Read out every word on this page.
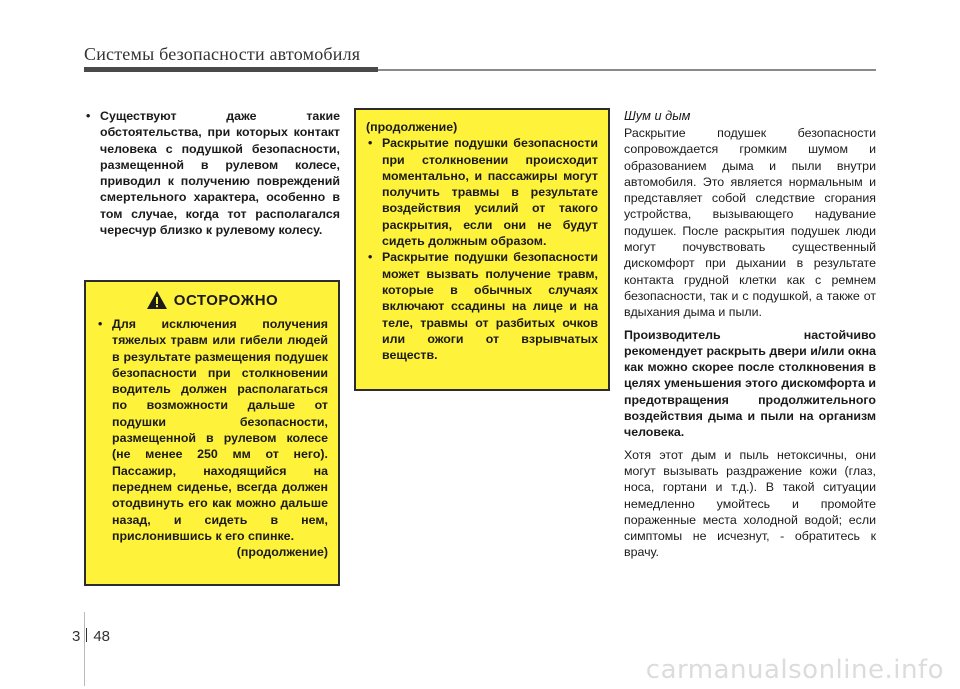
Системы безопасности автомобиля
• Существуют даже такие обстоятельства, при которых контакт человека с подушкой безопасности, размещенной в рулевом колесе, приводил к получению повреждений смертельного характера, особенно в том случае, когда тот располагался чересчур близко к рулевому колесу.
ОСТОРОЖНО
• Для исключения получения тяжелых травм или гибели людей в результате размещения подушек безопасности при столкновении водитель должен располагаться по возможности дальше от подушки безопасности, размещенной в рулевом колесе (не менее 250 мм от него). Пассажир, находящийся на переднем сиденье, всегда должен отодвинуть его как можно дальше назад, и сидеть в нем, прислонившись к его спинке.
(продолжение)
(продолжение)
• Раскрытие подушки безопасности при столкновении происходит моментально, и пассажиры могут получить травмы в результате воздействия усилий от такого раскрытия, если они не будут сидеть должным образом.
• Раскрытие подушки безопасности может вызвать получение травм, которые в обычных случаях включают ссадины на лице и на теле, травмы от разбитых очков или ожоги от взрывчатых веществ.
Шум и дым

Раскрытие подушек безопасности сопровождается громким шумом и образованием дыма и пыли внутри автомобиля. Это является нормальным и представляет собой следствие сгорания устройства, вызывающего надувание подушек. После раскрытия подушек люди могут почувствовать существенный дискомфорт при дыхании в результате контакта грудной клетки как с ремнем безопасности, так и с подушкой, а также от вдыхания дыма и пыли.

Производитель настойчиво рекомендует раскрыть двери и/или окна как можно скорее после столкновения в целях уменьшения этого дискомфорта и предотвращения продолжительного воздействия дыма и пыли на организм человека.

Хотя этот дым и пыль нетоксичны, они могут вызывать раздражение кожи (глаз, носа, гортани и т.д.). В такой ситуации немедленно умойтесь и промойте пораженные места холодной водой; если симптомы не исчезнут, - обратитесь к врачу.

3 48
carmanualsonline.info
